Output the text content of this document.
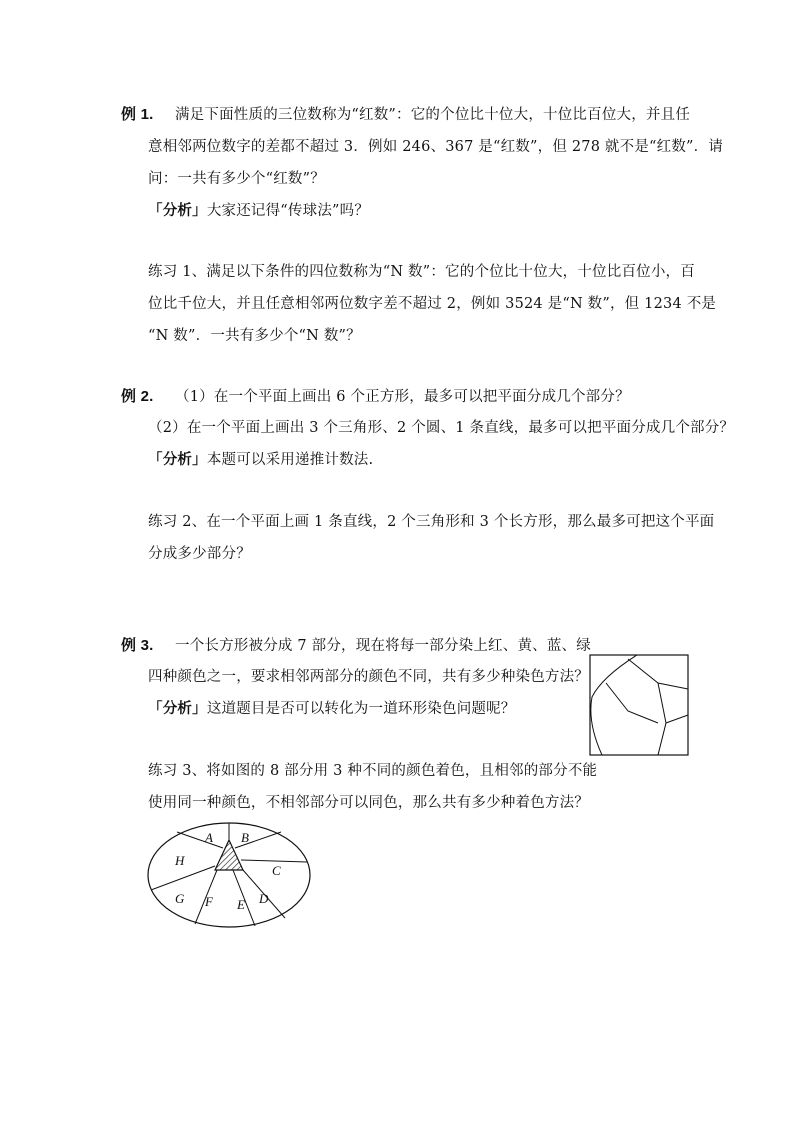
例 1. 满足下面性质的三位数称为“红数”：它的个位比十位大，十位比百位大，并且任
意相邻两位数字的差都不超过 3．例如 246、367 是“红数”，但 278 就不是“红数”．请
问：一共有多少个“红数”？
「分析」大家还记得“传球法”吗？
练习 1、满足以下条件的四位数称为“N 数”：它的个位比十位大，十位比百位小，百
位比千位大，并且任意相邻两位数字差不超过 2，例如 3524 是“N 数”，但 1234 不是
“N 数”．一共有多少个“N 数”？
例 2. （1）在一个平面上画出 6 个正方形，最多可以把平面分成几个部分？
（2）在一个平面上画出 3 个三角形、2 个圆、1 条直线，最多可以把平面分成几个部分？
「分析」本题可以采用递推计数法.
练习 2、在一个平面上画 1 条直线，2 个三角形和 3 个长方形，那么最多可把这个平面
分成多少部分？
例 3. 一个长方形被分成 7 部分，现在将每一部分染上红、黄、蓝、绿
四种颜色之一，要求相邻两部分的颜色不同，共有多少种染色方法？
「分析」这道题目是否可以转化为一道环形染色问题呢？
练习 3、将如图的 8 部分用 3 种不同的颜色着色，且相邻的部分不能
使用同一种颜色，不相邻部分可以同色，那么共有多少种着色方法？
A B
C
D
E
F
G
H
